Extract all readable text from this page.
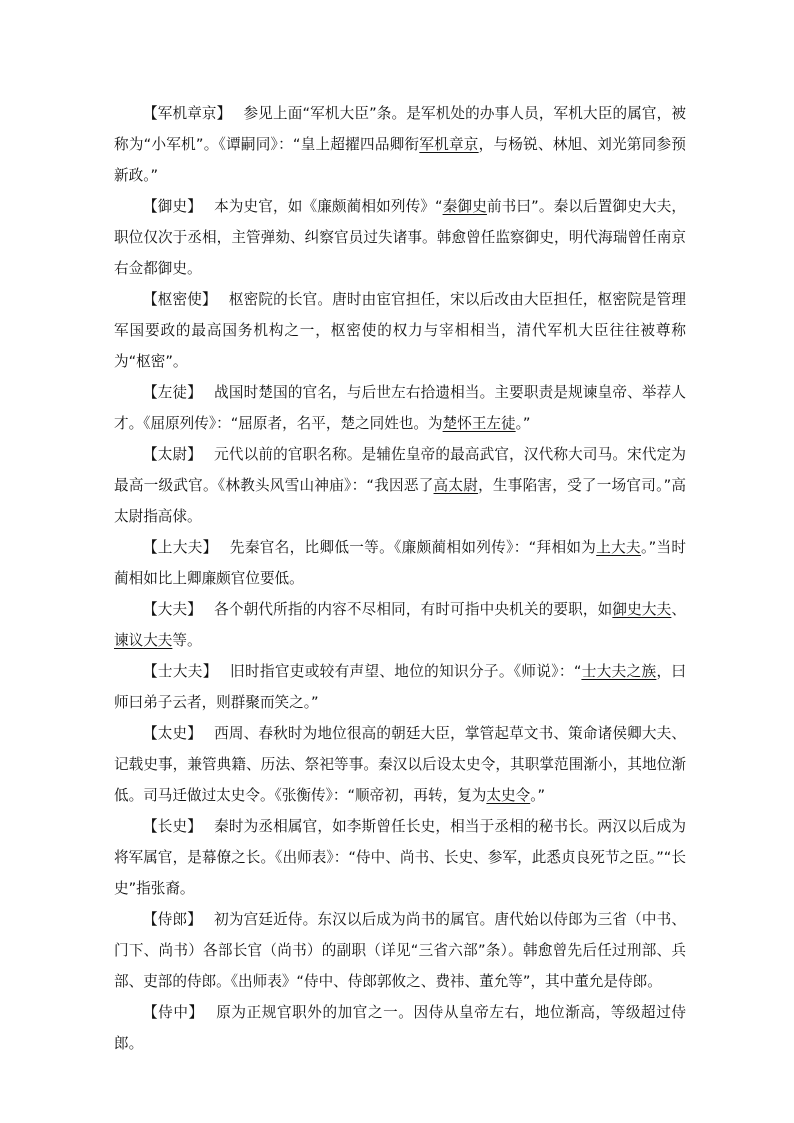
【军机章京】 参见上面“军机大臣”条。是军机处的办事人员，军机大臣的属官，被称为“小军机”。《谭嗣同》：“皇上超擢四品卿衔军机章京，与杨锐、林旭、刘光第同参预新政。”

【御史】 本为史官，如《廉颇蔺相如列传》“秦御史前书曰”。秦以后置御史大夫，职位仅次于丞相，主管弹劾、纠察官员过失诸事。韩愈曾任监察御史，明代海瑞曾任南京右佥都御史。

【枢密使】 枢密院的长官。唐时由宦官担任，宋以后改由大臣担任，枢密院是管理军国要政的最高国务机构之一，枢密使的权力与宰相相当，清代军机大臣往往被尊称为“枢密”。

【左徒】 战国时楚国的官名，与后世左右拾遗相当。主要职责是规谏皇帝、举荐人才。《屈原列传》：“屈原者，名平，楚之同姓也。为楚怀王左徒。”

【太尉】 元代以前的官职名称。是辅佐皇帝的最高武官，汉代称大司马。宋代定为最高一级武官。《林教头风雪山神庙》：“我因恶了高太尉，生事陷害，受了一场官司。”高太尉指高俅。

【上大夫】 先秦官名，比卿低一等。《廉颇蔺相如列传》：“拜相如为上大夫。”当时蔺相如比上卿廉颇官位要低。

【大夫】 各个朝代所指的内容不尽相同，有时可指中央机关的要职，如御史大夫、谏议大夫等。

【士大夫】 旧时指官吏或较有声望、地位的知识分子。《师说》：“士大夫之族，曰师曰弟子云者，则群聚而笑之。”

【太史】 西周、春秋时为地位很高的朝廷大臣，掌管起草文书、策命诸侯卿大夫、记载史事，兼管典籍、历法、祭祀等事。秦汉以后设太史令，其职掌范围渐小，其地位渐低。司马迁做过太史令。《张衡传》：“顺帝初，再转，复为太史令。”

【长史】 秦时为丞相属官，如李斯曾任长史，相当于丞相的秘书长。两汉以后成为将军属官，是幕僚之长。《出师表》：“侍中、尚书、长史、参军，此悉贞良死节之臣。”“长史”指张裔。

【侍郎】 初为宫廷近侍。东汉以后成为尚书的属官。唐代始以侍郎为三省（中书、门下、尚书）各部长官（尚书）的副职（详见“三省六部”条）。韩愈曾先后任过刑部、兵部、吏部的侍郎。《出师表》“侍中、侍郎郭攸之、费祎、董允等”，其中董允是侍郎。

【侍中】 原为正规官职外的加官之一。因侍从皇帝左右，地位渐高，等级超过侍郎。
